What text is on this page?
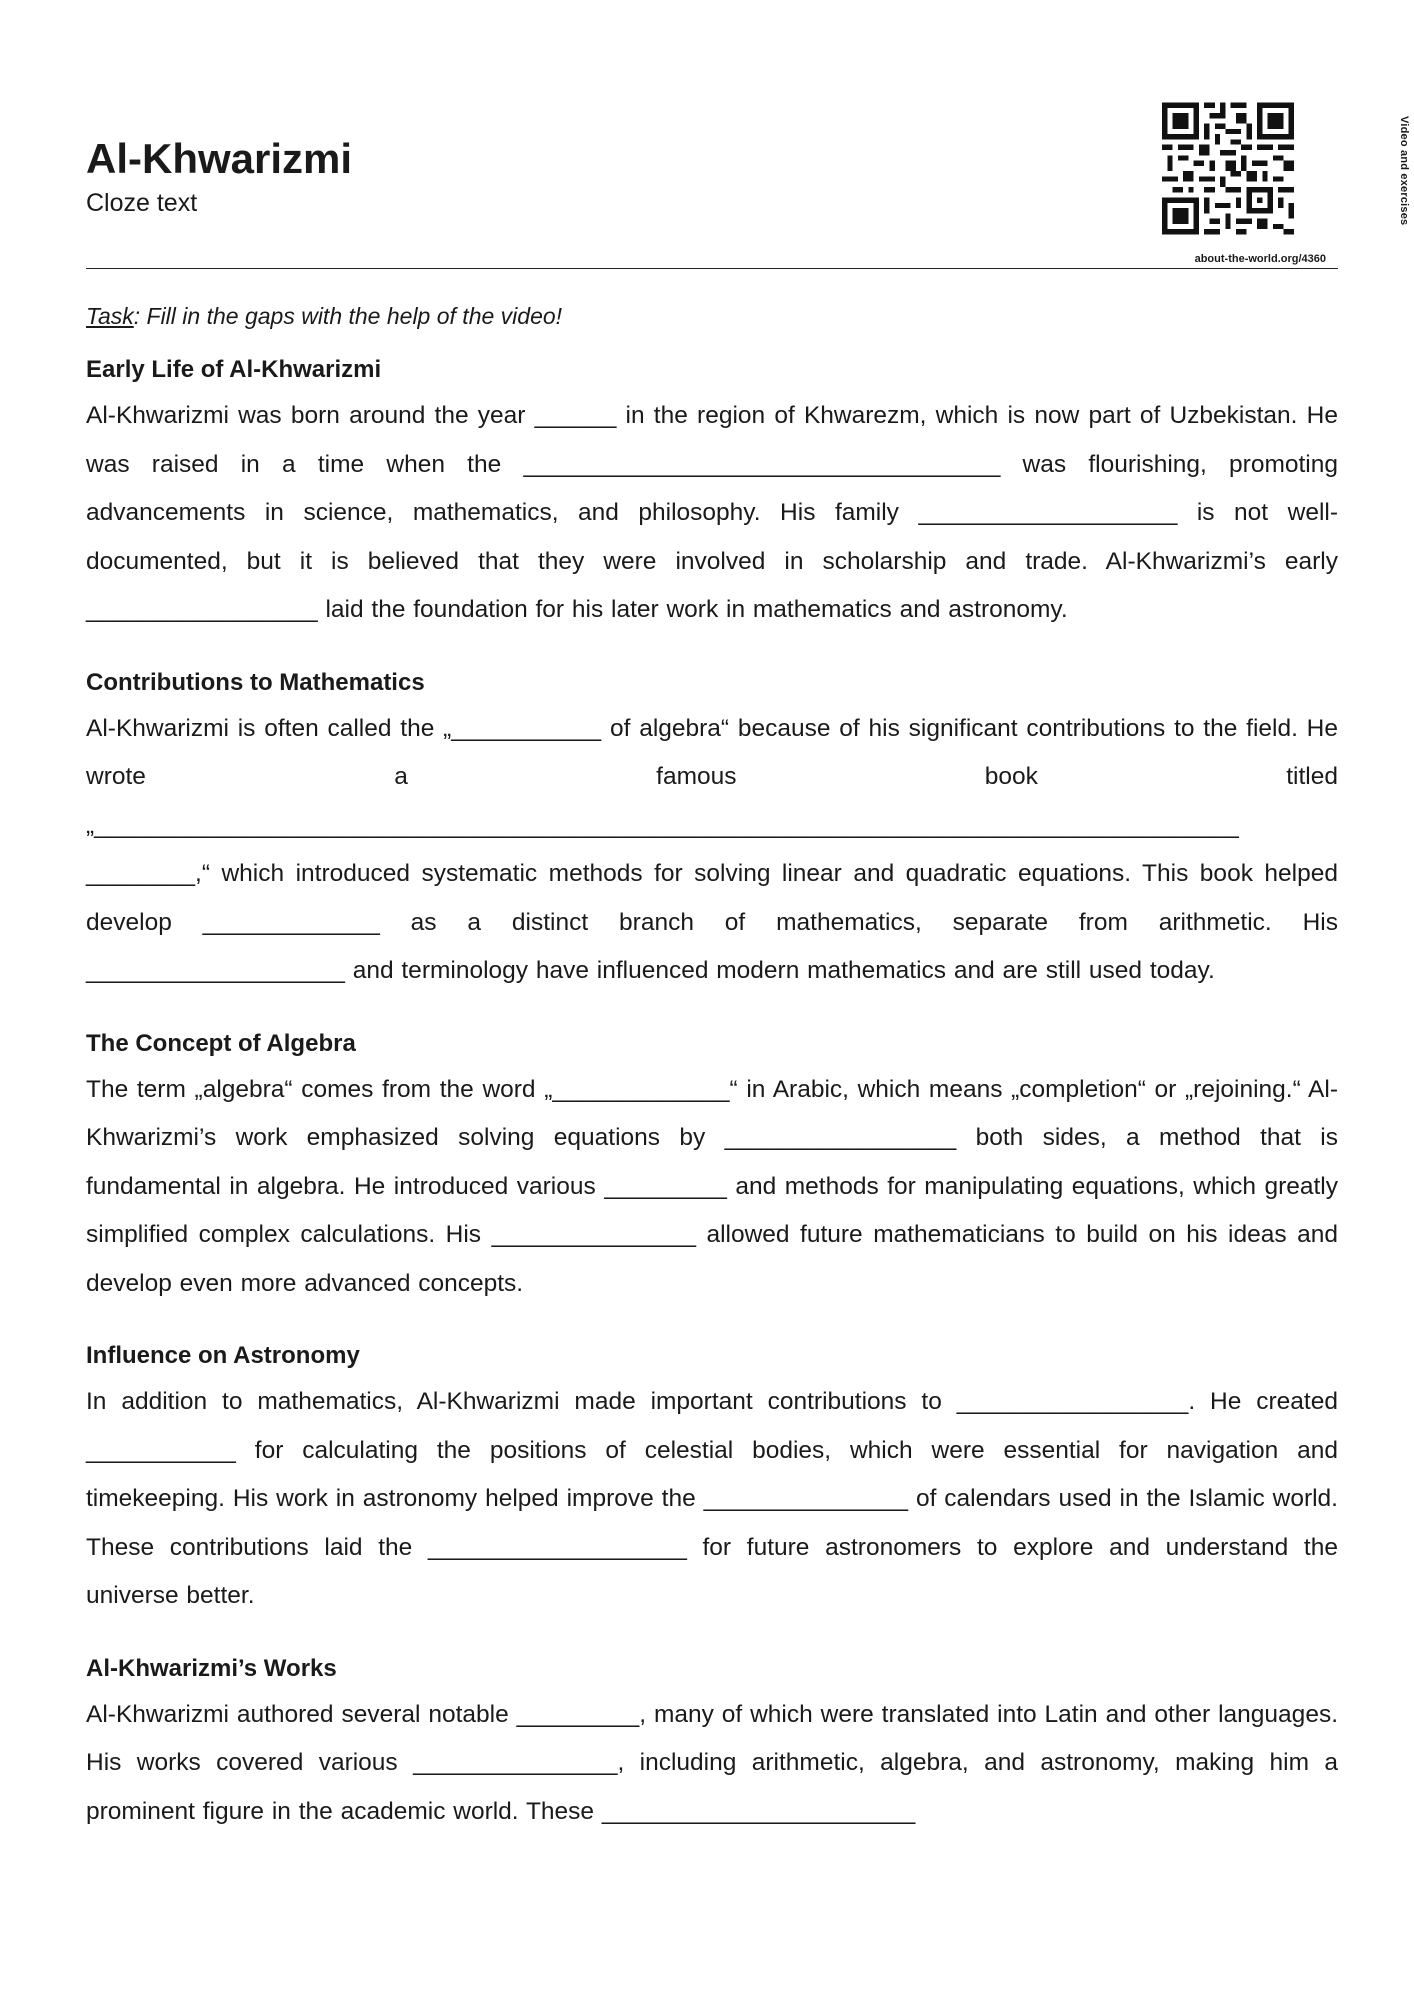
Al-Khwarizmi
Cloze text	Video and exercises
about-the-world.org/4360

Task: Fill in the gaps with the help of the video!

Early Life of Al-Khwarizmi

Al-Khwarizmi was born around the year ______ in the region of Khwarezm, which is now part of Uzbekistan. He was raised in a time when the ___________________________________ was flourishing, promoting advancements in science, mathematics, and philosophy. His family ___________________ is not well-documented, but it is believed that they were involved in scholarship and trade. Al-Khwarizmi’s early _________________ laid the foundation for his later work in mathematics and astronomy.

Contributions to Mathematics

Al-Khwarizmi is often called the „___________ of algebra“ because of his significant contributions to the field. He wrote a famous book titled „____________________________________________________________________________________ ________,“ which introduced systematic methods for solving linear and quadratic equations. This book helped develop _____________ as a distinct branch of mathematics, separate from arithmetic. His ___________________ and terminology have influenced modern mathematics and are still used today.

The Concept of Algebra

The term „algebra“ comes from the word „_____________“ in Arabic, which means „completion“ or „rejoining.“ Al-Khwarizmi’s work emphasized solving equations by _________________ both sides, a method that is fundamental in algebra. He introduced various _________ and methods for manipulating equations, which greatly simplified complex calculations. His _______________ allowed future mathematicians to build on his ideas and develop even more advanced concepts.

Influence on Astronomy

In addition to mathematics, Al-Khwarizmi made important contributions to _________________. He created ___________ for calculating the positions of celestial bodies, which were essential for navigation and timekeeping. His work in astronomy helped improve the _______________ of calendars used in the Islamic world. These contributions laid the ___________________ for future astronomers to explore and understand the universe better.

Al-Khwarizmi’s Works

Al-Khwarizmi authored several notable _________, many of which were translated into Latin and other languages. His works covered various _______________, including arithmetic, algebra, and astronomy, making him a prominent figure in the academic world. These _______________________
